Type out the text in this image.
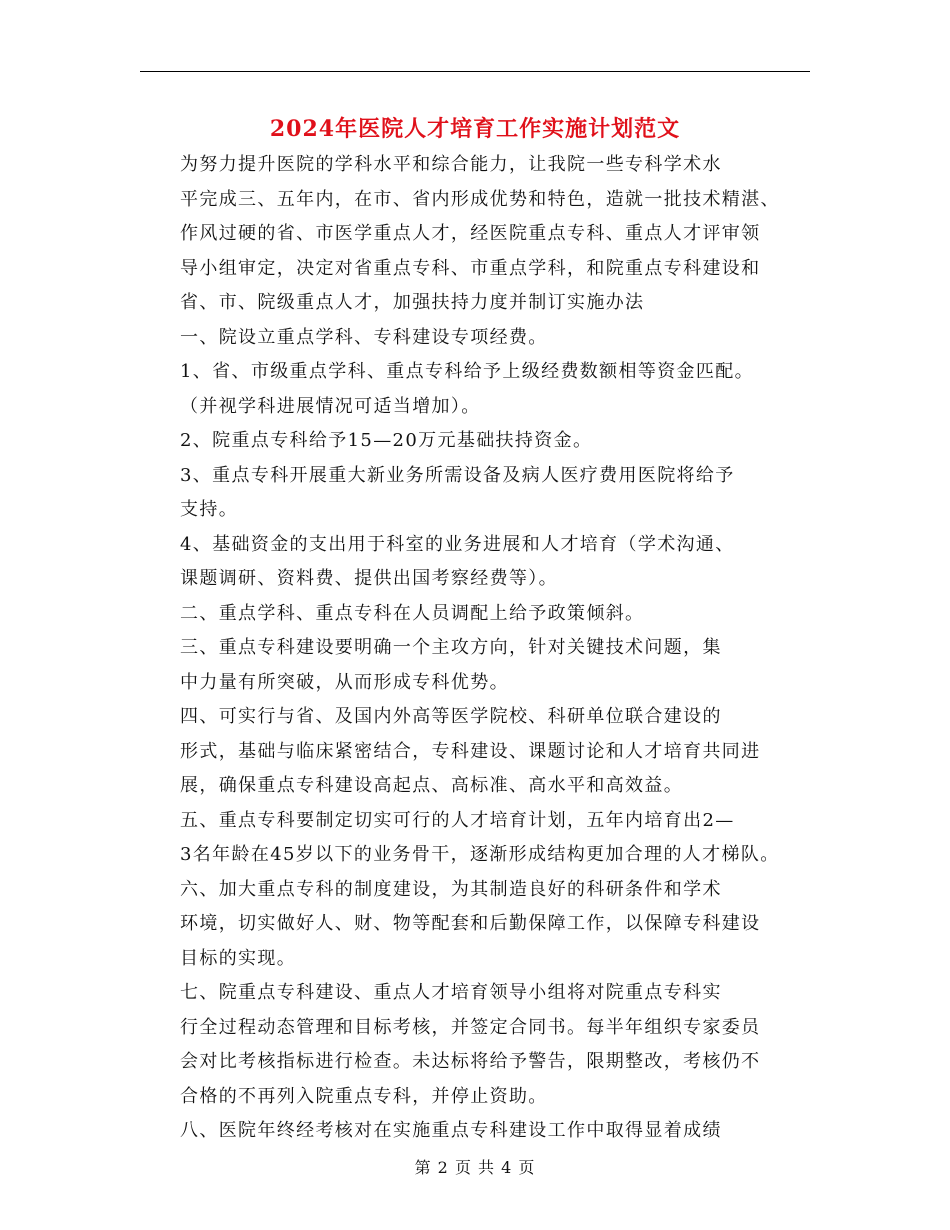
2024年医院人才培育工作实施计划范文

为努力提升医院的学科水平和综合能力，让我院一些专科学术水
平完成三、五年内，在市、省内形成优势和特色，造就一批技术精湛、
作风过硬的省、市医学重点人才，经医院重点专科、重点人才评审领
导小组审定，决定对省重点专科、市重点学科，和院重点专科建设和
省、市、院级重点人才，加强扶持力度并制订实施办法

一、院设立重点学科、专科建设专项经费。

1、省、市级重点学科、重点专科给予上级经费数额相等资金匹配。
（并视学科进展情况可适当增加）。

2、院重点专科给予15—20万元基础扶持资金。

3、重点专科开展重大新业务所需设备及病人医疗费用医院将给予
支持。

4、基础资金的支出用于科室的业务进展和人才培育（学术沟通、
课题调研、资料费、提供出国考察经费等）。

二、重点学科、重点专科在人员调配上给予政策倾斜。

三、重点专科建设要明确一个主攻方向，针对关键技术问题，集
中力量有所突破，从而形成专科优势。

四、可实行与省、及国内外高等医学院校、科研单位联合建设的
形式，基础与临床紧密结合，专科建设、课题讨论和人才培育共同进
展，确保重点专科建设高起点、高标准、高水平和高效益。

五、重点专科要制定切实可行的人才培育计划，五年内培育出2—
3名年龄在45岁以下的业务骨干，逐渐形成结构更加合理的人才梯队。

六、加大重点专科的制度建设，为其制造良好的科研条件和学术
环境，切实做好人、财、物等配套和后勤保障工作，以保障专科建设
目标的实现。

七、院重点专科建设、重点人才培育领导小组将对院重点专科实
行全过程动态管理和目标考核，并签定合同书。每半年组织专家委员
会对比考核指标进行检查。未达标将给予警告，限期整改，考核仍不
合格的不再列入院重点专科，并停止资助。

八、医院年终经考核对在实施重点专科建设工作中取得显着成绩

第 2 页 共 4 页
